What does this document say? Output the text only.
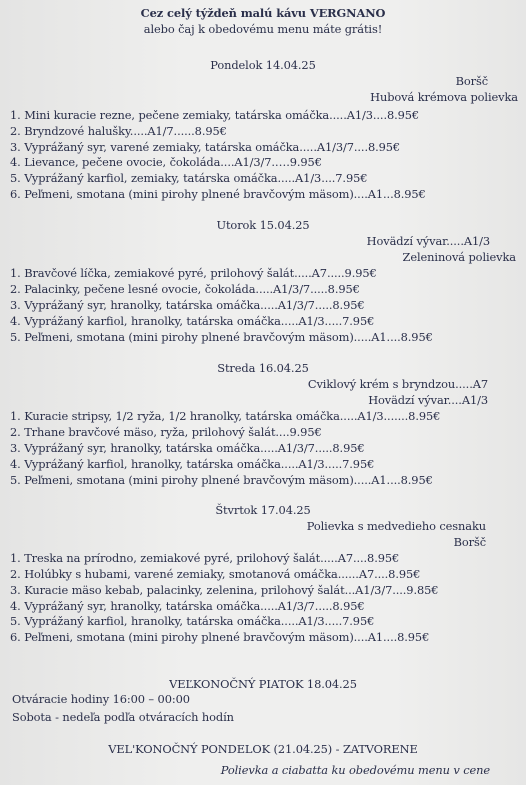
Cez celý týždeň malú kávu VERGNANO
alebo čaj k obedovému menu máte grátis!
Pondelok 14.04.25
Boršč
Hubová krémova polievka
1. Mini kuracie rezne, pečene zemiaky, tatárska omáčka.....A1/3....8.95€
2. Bryndzové halušky.....A1/7......8.95€
3. Vyprážaný syr, varené zemiaky, tatárska omáčka.....A1/3/7....8.95€
4. Lievance, pečene ovocie, čokoláda....A1/3/7.….9.95€
5. Vyprážaný karfiol, zemiaky, tatárska omáčka.....A1/3....7.95€
6. Peľmeni, smotana (mini pirohy plnené bravčovým mäsom)....A1...8.95€
Utorok 15.04.25
Hovädzí vývar.....A1/3
Zeleninová polievka
1. Bravčové líčka, zemiakové pyré, prilohový šalát.....A7.....9.95€
2. Palacinky, pečene lesné ovocie, čokoláda.....A1/3/7.....8.95€
3. Vyprážaný syr, hranolky, tatárska omáčka.....A1/3/7.....8.95€
4. Vyprážaný karfiol, hranolky, tatárska omáčka.....A1/3.....7.95€
5. Peľmeni, smotana (mini pirohy plnené bravčovým mäsom).....A1....8.95€
Streda 16.04.25
Cviklový krém s bryndzou.....A7
Hovädzí vývar....A1/3
1. Kuracie stripsy, 1/2 ryža, 1/2 hranolky, tatárska omáčka.....A1/3.......8.95€
2. Trhane bravčové mäso, ryža, prilohový šalát....9.95€
3. Vyprážaný syr, hranolky, tatárska omáčka.....A1/3/7.....8.95€
4. Vyprážaný karfiol, hranolky, tatárska omáčka.....A1/3.....7.95€
5. Peľmeni, smotana (mini pirohy plnené bravčovým mäsom).....A1....8.95€
Štvrtok 17.04.25
Polievka s medvedieho cesnaku
Boršč
1. Treska na prírodno, zemiakové pyré, prilohový šalát.....A7....8.95€
2. Holúbky s hubami, varené zemiaky, smotanová omáčka......A7....8.95€
3. Kuracie mäso kebab, palacinky, zelenina, prilohový šalát...A1/3/7....9.85€
4. Vyprážaný syr, hranolky, tatárska omáčka.....A1/3/7.....8.95€
5. Vyprážaný karfiol, hranolky, tatárska omáčka.....A1/3.....7.95€
6. Peľmeni, smotana (mini pirohy plnené bravčovým mäsom)....A1....8.95€
VEĽKONOČNÝ PIATOK 18.04.25
Otváracie hodiny 16:00 – 00:00
Sobota - nedeľa podľa otváracích hodín
VEL'KONOČNÝ PONDELOK (21.04.25) - ZATVORENE
Polievka a ciabatta ku obedovému menu v cene
